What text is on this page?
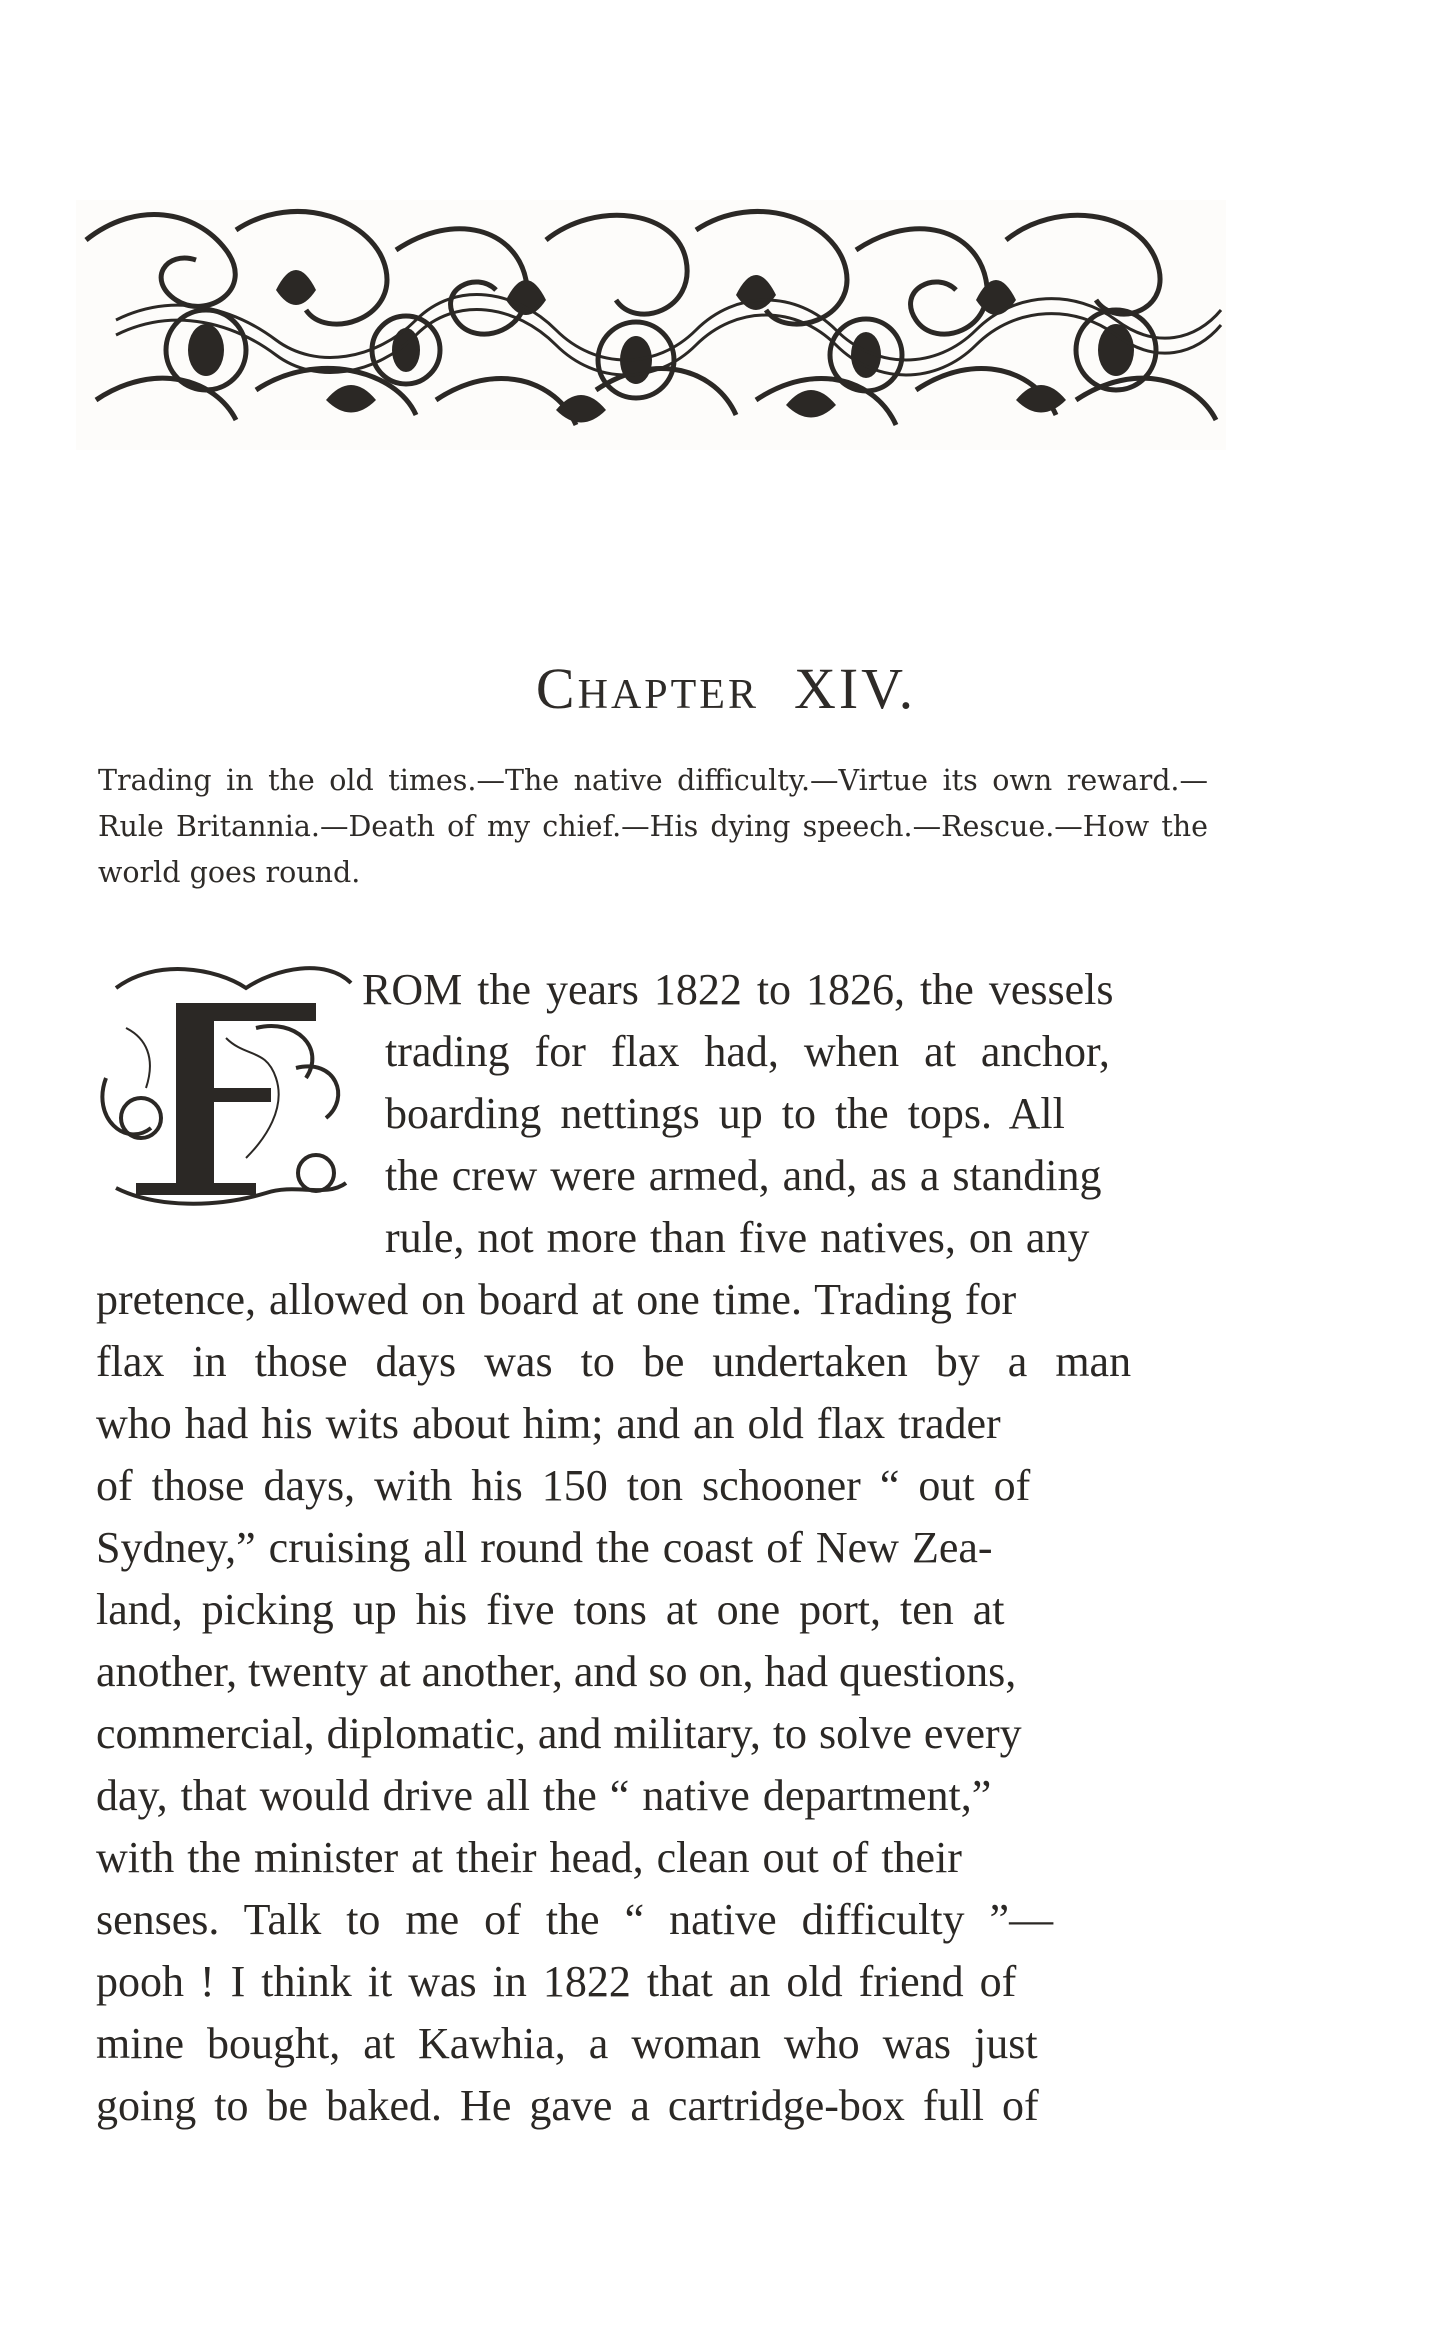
CHAPTER XIV.
Trading in the old times.—The native difficulty.—Virtue its own reward.—Rule Britannia.—Death of my chief.—His dying speech.—Rescue.—How the world goes round.
ROM the years 1822 to 1826, the vessels
trading for flax had, when at anchor,
boarding nettings up to the tops. All
the crew were armed, and, as a standing
rule, not more than five natives, on any
pretence, allowed on board at one time. Trading for
flax in those days was to be undertaken by a man
who had his wits about him; and an old flax trader
of those days, with his 150 ton schooner “ out of
Sydney,” cruising all round the coast of New Zea-
land, picking up his five tons at one port, ten at
another, twenty at another, and so on, had questions,
commercial, diplomatic, and military, to solve every
day, that would drive all the “ native department,”
with the minister at their head, clean out of their
senses. Talk to me of the “ native difficulty ”—
pooh ! I think it was in 1822 that an old friend of
mine bought, at Kawhia, a woman who was just
going to be baked. He gave a cartridge-box full of
